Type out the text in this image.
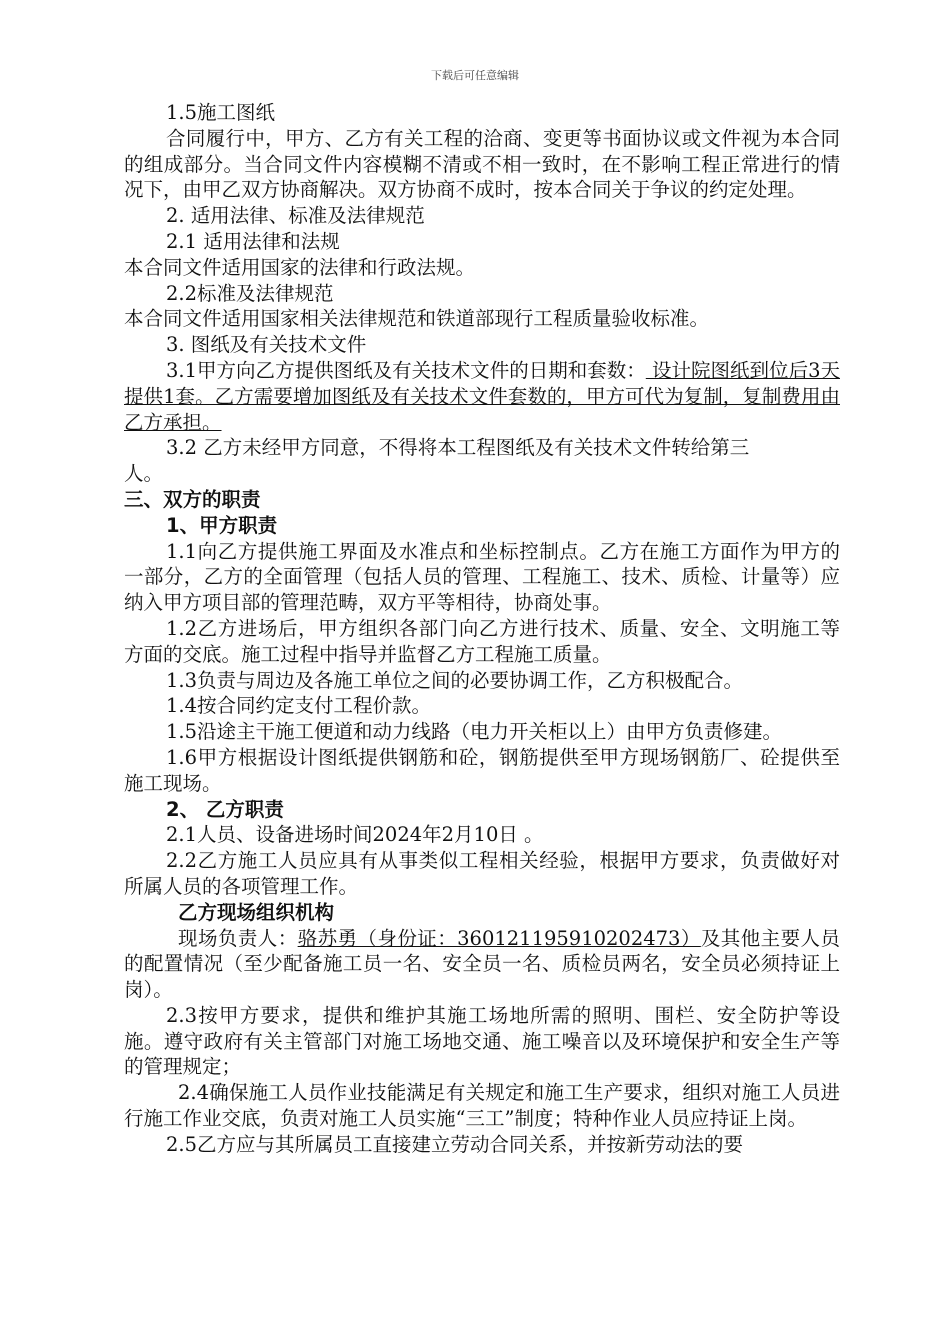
下载后可任意编辑

1.5施工图纸

合同履行中，甲方、乙方有关工程的洽商、变更等书面协议或文件视为本合同的组成部分。当合同文件内容模糊不清或不相一致时，在不影响工程正常进行的情况下，由甲乙双方协商解决。双方协商不成时，按本合同关于争议的约定处理。

2. 适用法律、标准及法律规范

2.1 适用法律和法规

本合同文件适用国家的法律和行政法规。

2.2标准及法律规范

本合同文件适用国家相关法律规范和铁道部现行工程质量验收标准。

3. 图纸及有关技术文件

3.1甲方向乙方提供图纸及有关技术文件的日期和套数： 设计院图纸到位后3天提供1套。乙方需要增加图纸及有关技术文件套数的，甲方可代为复制，复制费用由乙方承担。

3.2 乙方未经甲方同意，不得将本工程图纸及有关技术文件转给第三

人。

三、双方的职责

1、甲方职责

1.1向乙方提供施工界面及水准点和坐标控制点。乙方在施工方面作为甲方的一部分，乙方的全面管理（包括人员的管理、工程施工、技术、质检、计量等）应纳入甲方项目部的管理范畴，双方平等相待，协商处事。

1.2乙方进场后，甲方组织各部门向乙方进行技术、质量、安全、文明施工等方面的交底。施工过程中指导并监督乙方工程施工质量。

1.3负责与周边及各施工单位之间的必要协调工作，乙方积极配合。

1.4按合同约定支付工程价款。

1.5沿途主干施工便道和动力线路（电力开关柜以上）由甲方负责修建。

1.6甲方根据设计图纸提供钢筋和砼，钢筋提供至甲方现场钢筋厂、砼提供至施工现场。

2、 乙方职责

2.1人员、设备进场时间2024年2月10日 。

2.2乙方施工人员应具有从事类似工程相关经验，根据甲方要求，负责做好对所属人员的各项管理工作。

乙方现场组织机构

现场负责人：骆苏勇（身份证：360121195910202473）及其他主要人员的配置情况（至少配备施工员一名、安全员一名、质检员两名，安全员必须持证上岗）。

2.3按甲方要求，提供和维护其施工场地所需的照明、围栏、安全防护等设施。遵守政府有关主管部门对施工场地交通、施工噪音以及环境保护和安全生产等的管理规定；

2.4确保施工人员作业技能满足有关规定和施工生产要求，组织对施工人员进行施工作业交底，负责对施工人员实施“三工”制度；特种作业人员应持证上岗。

2.5乙方应与其所属员工直接建立劳动合同关系，并按新劳动法的要
